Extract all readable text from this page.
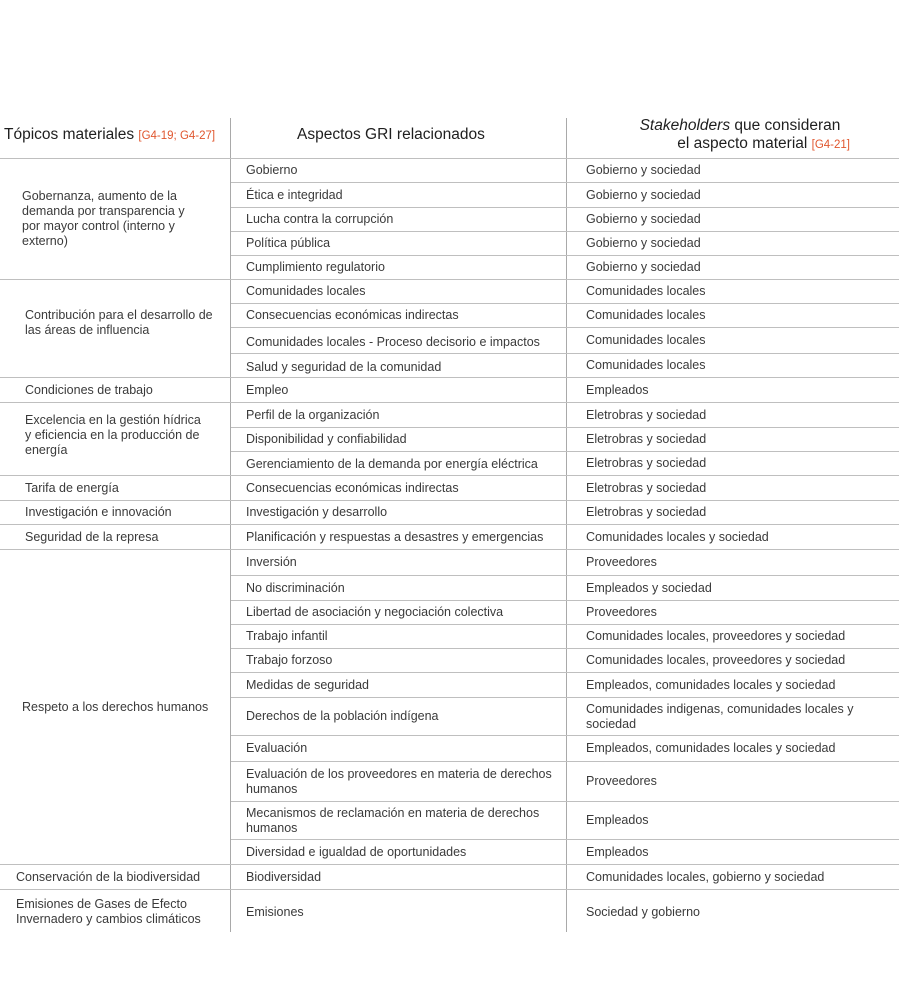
Tópicos materiales [G4-19; G4-27]	Aspectos GRI relacionados
Stakeholders que consideran
el aspecto material [G4-21]
Gobernanza, aumento de la demanda por transparencia y por mayor control (interno y externo)
Contribución para el desarrollo de las áreas de influencia
Condiciones de trabajo
Excelencia en la gestión hídrica y eficiencia en la producción de energía
Tarifa de energía
Investigación e innovación
Seguridad de la represa
Respeto a los derechos humanos
Conservación de la biodiversidad
Emisiones de Gases de Efecto Invernadero y cambios climáticos
Gobierno
Ética e integridad
Lucha contra la corrupción
Política pública
Cumplimiento regulatorio
Comunidades locales
Consecuencias económicas indirectas
Comunidades locales - Proceso decisorio e impactos
Salud y seguridad de la comunidad
Empleo
Perfil de la organización
Disponibilidad y confiabilidad
Gerenciamiento de la demanda por energía eléctrica
Consecuencias económicas indirectas
Investigación y desarrollo
Planificación y respuestas a desastres y emergencias
Inversión
No discriminación
Libertad de asociación y negociación colectiva
Trabajo infantil
Trabajo forzoso
Medidas de seguridad
Derechos de la población indígena
Evaluación
Evaluación de los proveedores en materia de derechos humanos
Mecanismos de reclamación en materia de derechos humanos
Diversidad e igualdad de oportunidades
Biodiversidad
Emisiones
Gobierno y sociedad
Gobierno y sociedad
Gobierno y sociedad
Gobierno y sociedad
Gobierno y sociedad
Comunidades locales
Comunidades locales
Comunidades locales
Comunidades locales
Empleados
Eletrobras y sociedad
Eletrobras y sociedad
Eletrobras y sociedad
Eletrobras y sociedad
Eletrobras y sociedad
Comunidades locales y sociedad
Proveedores
Empleados y sociedad
Proveedores
Comunidades locales, proveedores y sociedad
Comunidades locales, proveedores y sociedad
Empleados, comunidades locales y sociedad
Comunidades indigenas, comunidades locales y sociedad
Empleados, comunidades locales y sociedad
Proveedores
Empleados
Empleados
Comunidades locales, gobierno y sociedad
Sociedad y gobierno
